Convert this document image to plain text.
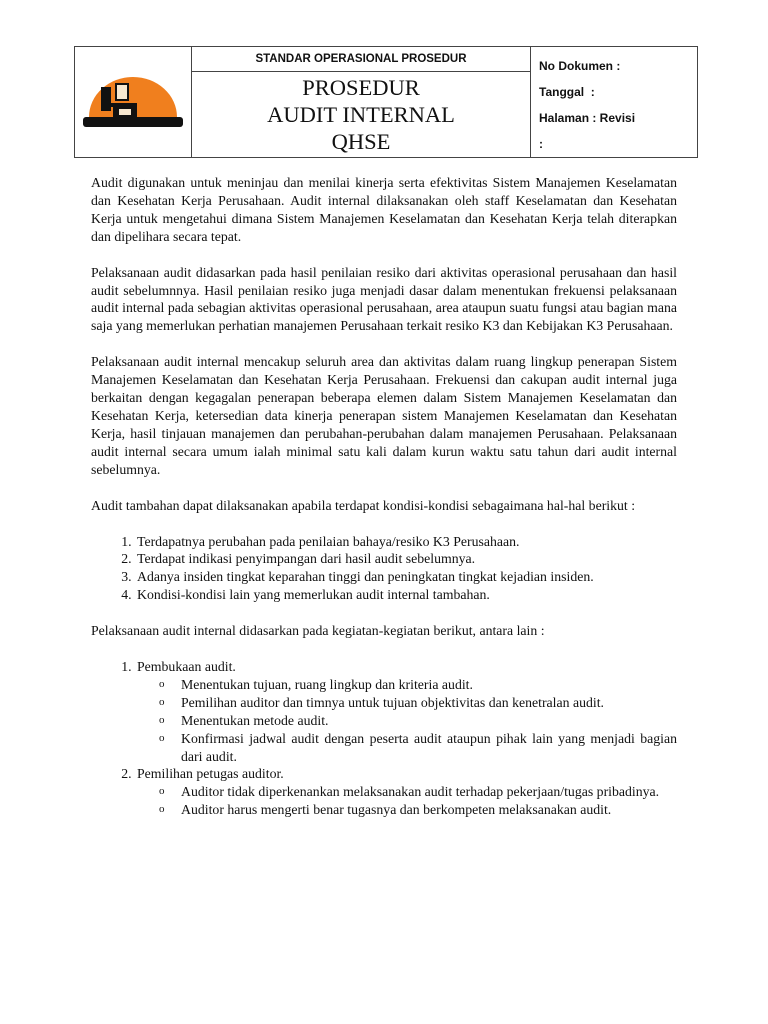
STANDAR OPERASIONAL PROSEDUR
PROSEDUR
AUDIT INTERNAL
QHSE

No Dokumen :
Tanggal  :
Halaman : Revisi
:

Audit digunakan untuk meninjau dan menilai kinerja serta efektivitas Sistem Manajemen Keselamatan dan Kesehatan Kerja Perusahaan. Audit internal dilaksanakan oleh staff Keselamatan dan Kesehatan Kerja untuk mengetahui dimana Sistem Manajemen Keselamatan dan Kesehatan Kerja telah diterapkan dan dipelihara secara tepat.

Pelaksanaan audit didasarkan pada hasil penilaian resiko dari aktivitas operasional perusahaan dan hasil audit sebelumnnya. Hasil penilaian resiko juga menjadi dasar dalam menentukan frekuensi pelaksanaan audit internal pada sebagian aktivitas operasional perusahaan, area ataupun suatu fungsi atau bagian mana saja yang memerlukan perhatian manajemen Perusahaan terkait resiko K3 dan Kebijakan K3 Perusahaan.

Pelaksanaan audit internal mencakup seluruh area dan aktivitas dalam ruang lingkup penerapan Sistem Manajemen Keselamatan dan Kesehatan Kerja Perusahaan. Frekuensi dan cakupan audit internal juga berkaitan dengan kegagalan penerapan beberapa elemen dalam Sistem Manajemen Keselamatan dan Kesehatan Kerja, ketersedian data kinerja penerapan sistem Manajemen Keselamatan dan Kesehatan Kerja, hasil tinjauan manajemen dan perubahan-perubahan dalam manajemen Perusahaan. Pelaksanaan audit internal secara umum ialah minimal satu kali dalam kurun waktu satu tahun dari audit internal sebelumnya.

Audit tambahan dapat dilaksanakan apabila terdapat kondisi-kondisi sebagaimana hal-hal berikut :

1. Terdapatnya perubahan pada penilaian bahaya/resiko K3 Perusahaan.
2. Terdapat indikasi penyimpangan dari hasil audit sebelumnya.
3. Adanya insiden tingkat keparahan tinggi dan peningkatan tingkat kejadian insiden.
4. Kondisi-kondisi lain yang memerlukan audit internal tambahan.

Pelaksanaan audit internal didasarkan pada kegiatan-kegiatan berikut, antara lain :

1. Pembukaan audit.
o Menentukan tujuan, ruang lingkup dan kriteria audit.
o Pemilihan auditor dan timnya untuk tujuan objektivitas dan kenetralan audit.
o Menentukan metode audit.
o Konfirmasi jadwal audit dengan peserta audit ataupun pihak lain yang menjadi bagian dari audit.
2. Pemilihan petugas auditor.
o Auditor tidak diperkenankan melaksanakan audit terhadap pekerjaan/tugas pribadinya.
o Auditor harus mengerti benar tugasnya dan berkompeten melaksanakan audit.
